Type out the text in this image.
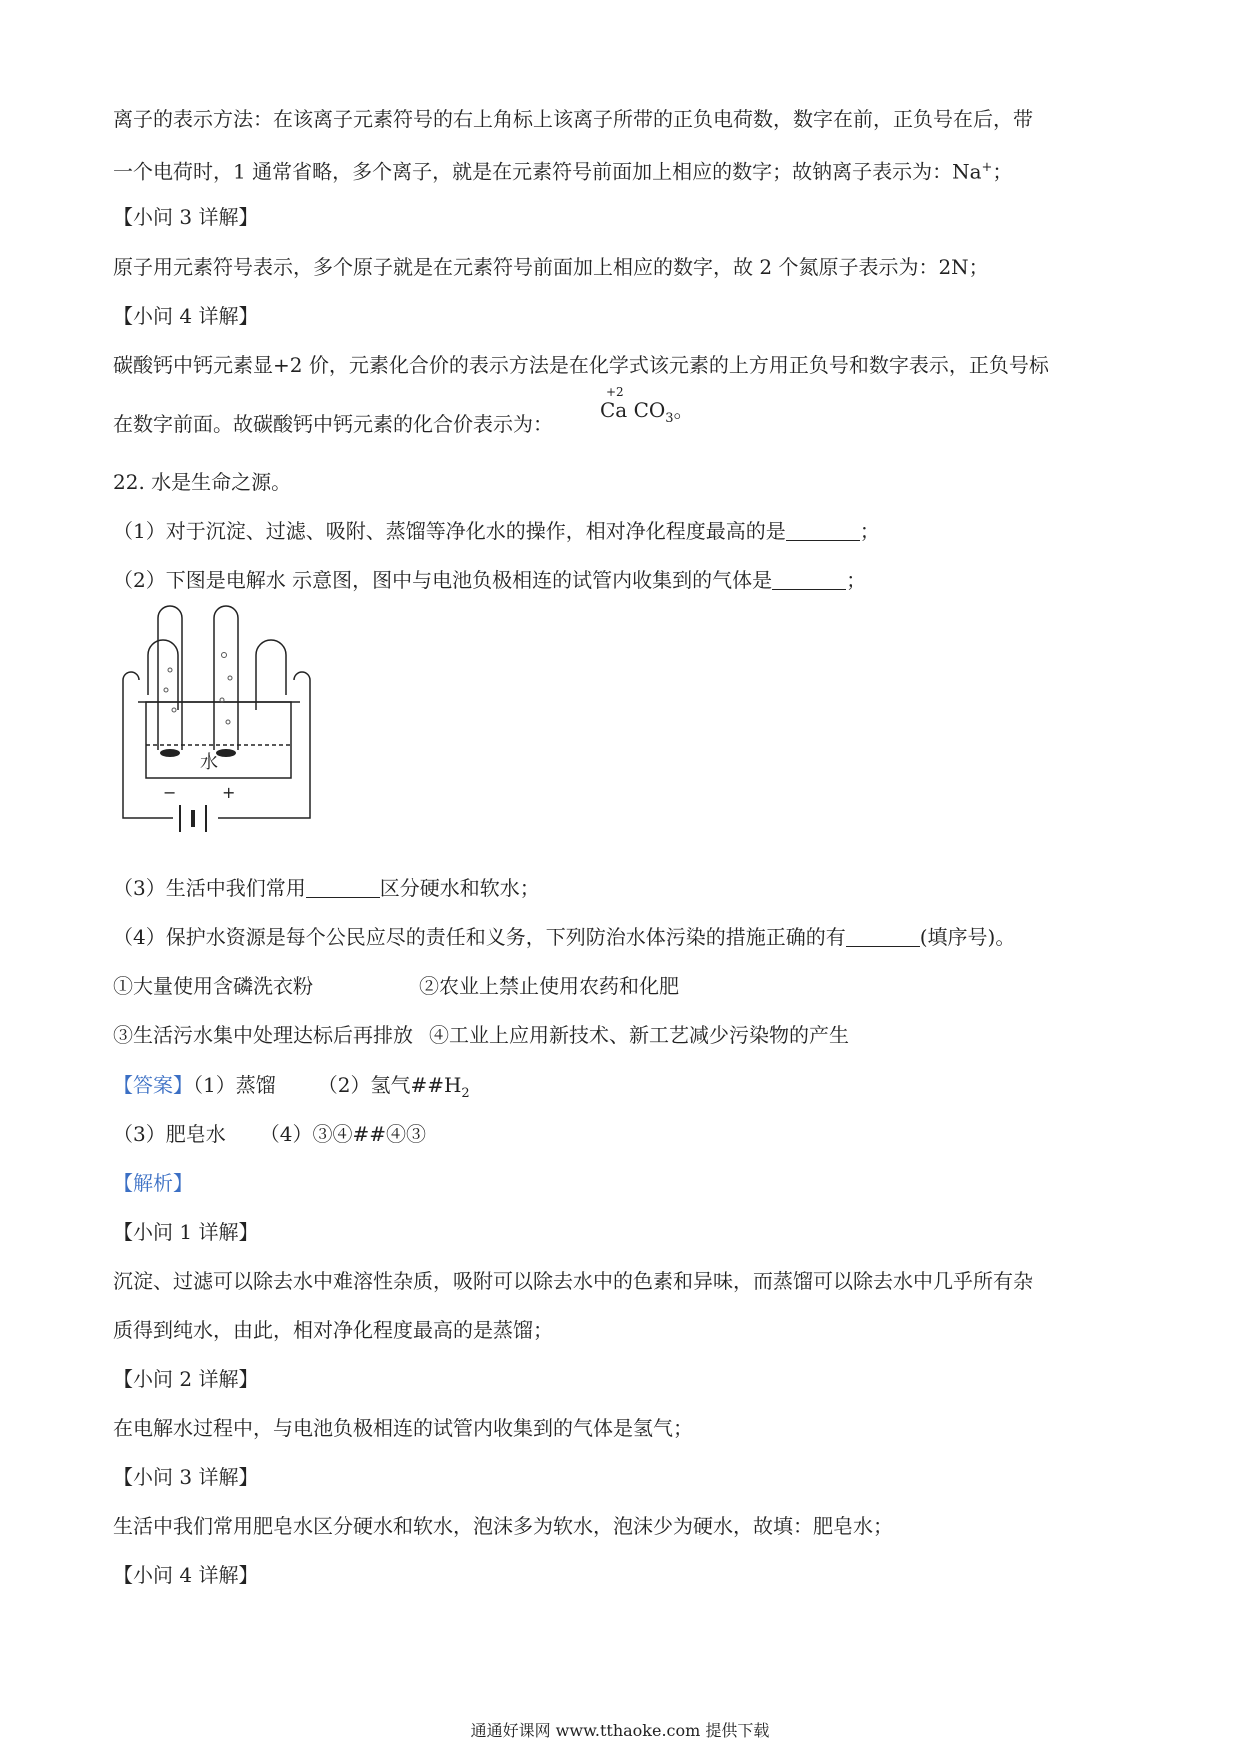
离子的表示方法：在该离子元素符号的右上角标上该离子所带的正负电荷数，数字在前，正负号在后，带
一个电荷时，1 通常省略，多个离子，就是在元素符号前面加上相应的数字；故钠离子表示为：Na+；
【小问 3 详解】
原子用元素符号表示，多个原子就是在元素符号前面加上相应的数字，故 2 个氮原子表示为：2N；
【小问 4 详解】
碳酸钙中钙元素显+2 价，元素化合价的表示方法是在化学式该元素的上方用正负号和数字表示，正负号标
在数字前面。故碳酸钙中钙元素的化合价表示为：
+2
Ca $CO_3$。
22. 水是生命之源。
（1）对于沉淀、过滤、吸附、蒸馏等净化水的操作，相对净化程度最高的是	；
（2）下图是电解水 示意图，图中与电池负极相连的试管内收集到的气体是	；
水
−	+
（3）生活中我们常用	区分硬水和软水；
（4）保护水资源是每个公民应尽的责任和义务，下列防治水体污染的措施正确的有	(填序号)。
①大量使用含磷洗衣粉	②农业上禁止使用农药和化肥
③生活污水集中处理达标后再排放 ④工业上应用新技术、新工艺减少污染物的产生
【答案】（1）蒸馏 （2）氢气$\#\#H_2$
（3）肥皂水 （4）③④##④③
【解析】
【小问 1 详解】
沉淀、过滤可以除去水中难溶性杂质，吸附可以除去水中的色素和异味，而蒸馏可以除去水中几乎所有杂
质得到纯水，由此，相对净化程度最高的是蒸馏；
【小问 2 详解】
在电解水过程中，与电池负极相连的试管内收集到的气体是氢气；
【小问 3 详解】
生活中我们常用肥皂水区分硬水和软水，泡沫多为软水，泡沫少为硬水，故填：肥皂水；
【小问 4 详解】
通通好课网 www.tthaoke.com 提供下载
